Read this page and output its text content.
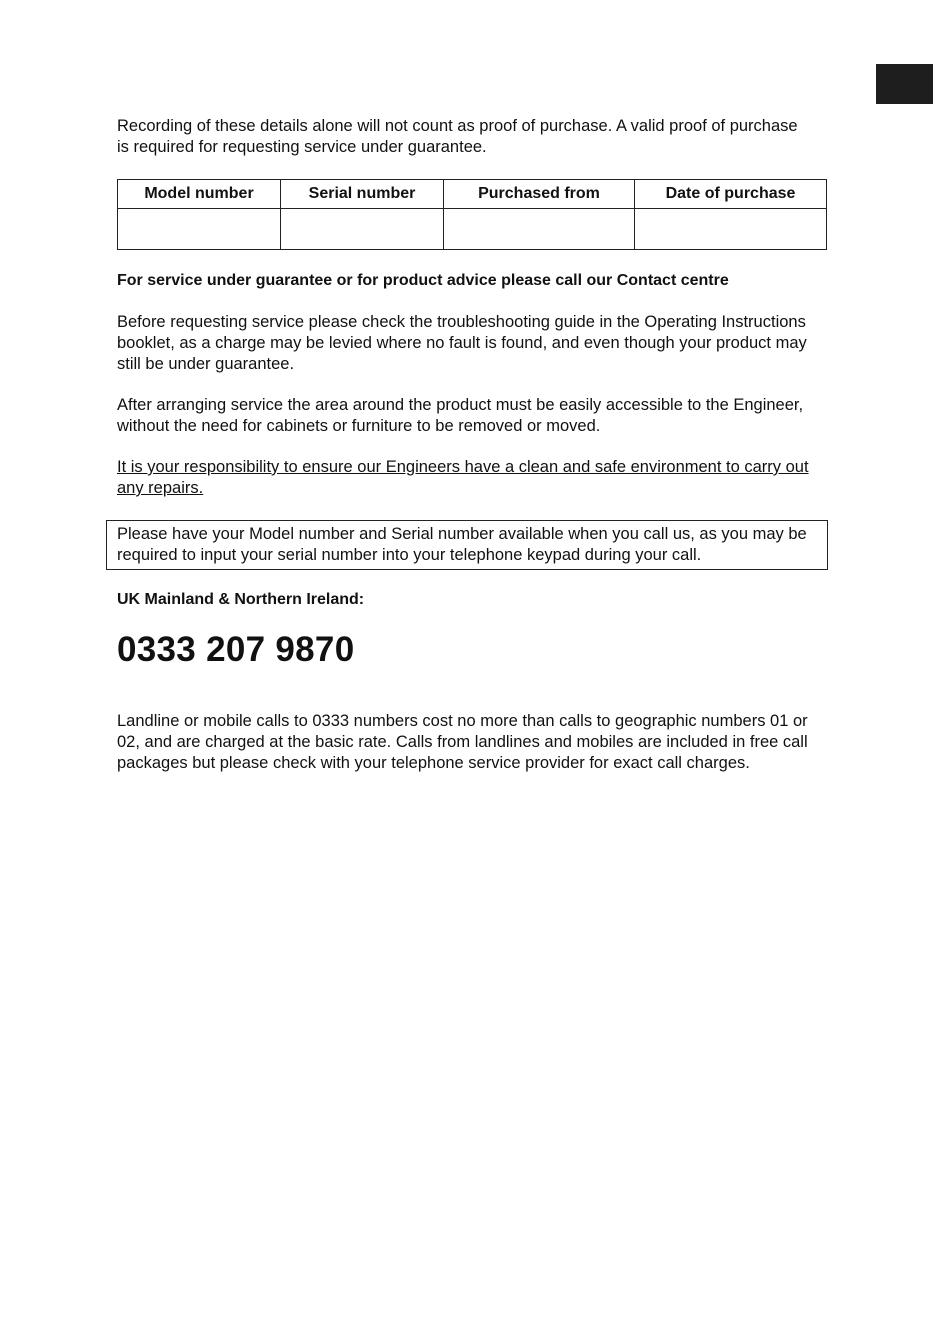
Recording of these details alone will not count as proof of purchase. A valid proof of purchase is required for requesting service under guarantee.

Model number	Serial number	Purchased from	Date of purchase

For service under guarantee or for product advice please call our Contact centre

Before requesting service please check the troubleshooting guide in the Operating Instructions booklet, as a charge may be levied where no fault is found, and even though your product may still be under guarantee.

After arranging service the area around the product must be easily accessible to the Engineer, without the need for cabinets or furniture to be removed or moved.

It is your responsibility to ensure our Engineers have a clean and safe environment to carry out any repairs.

Please have your Model number and Serial number available when you call us, as you may be required to input your serial number into your telephone keypad during your call.

UK Mainland & Northern Ireland:

0333 207 9870

Landline or mobile calls to 0333 numbers cost no more than calls to geographic numbers 01 or 02, and are charged at the basic rate. Calls from landlines and mobiles are included in free call packages but please check with your telephone service provider for exact call charges.
